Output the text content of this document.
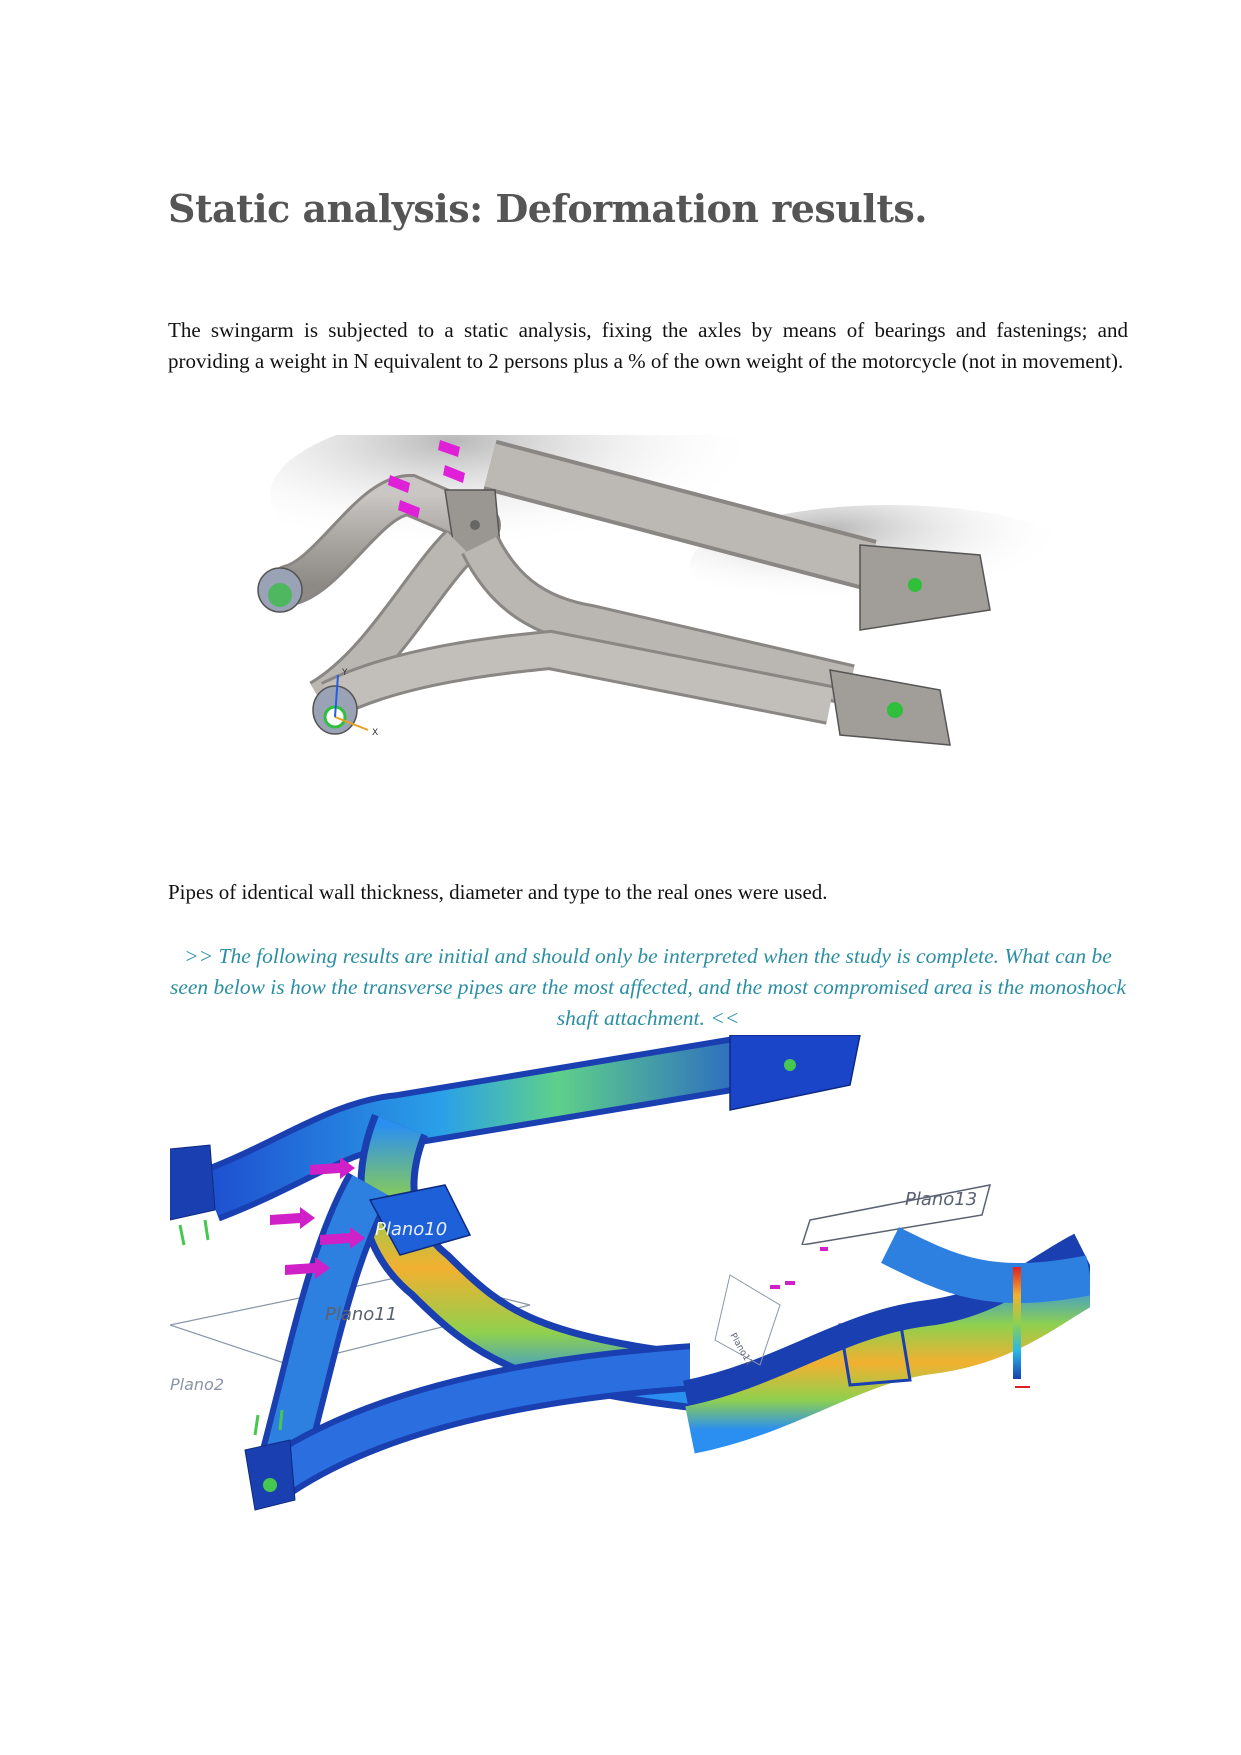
Static analysis: Deformation results.

The swingarm is subjected to a static analysis, fixing the axles by means of bearings and fastenings; and providing a weight in N equivalent to 2 persons plus a % of the own weight of the motorcycle (not in movement).

X
Y

Pipes of identical wall thickness, diameter and type to the real ones were used.

>> The following results are initial and should only be interpreted when the study is complete. What can be seen below is how the transverse pipes are the most affected, and the most compromised area is the monoshock shaft attachment. <<

Plano13
Plano2
Plano10
Plano11
Plano11
